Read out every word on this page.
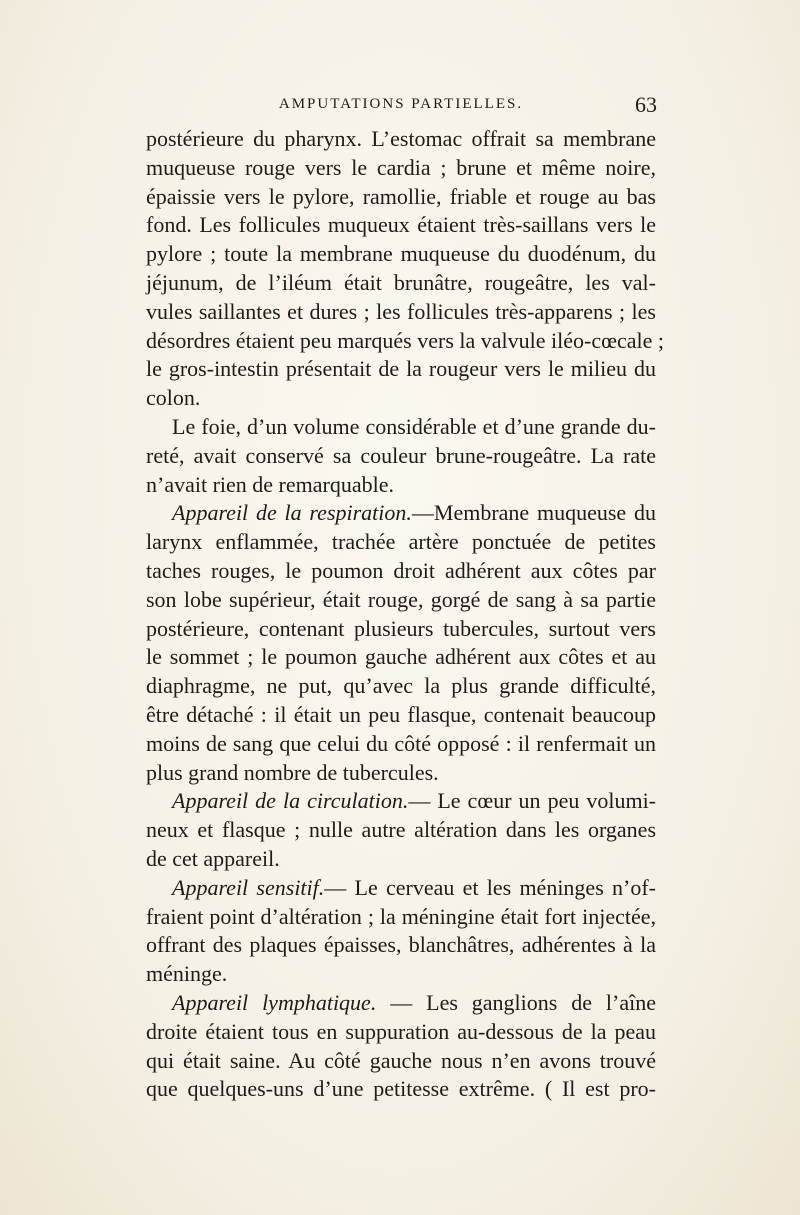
AMPUTATIONS PARTIELLES.	63
postérieure du pharynx. L’estomac offrait sa membrane
muqueuse rouge vers le cardia ; brune et même noire,
épaissie vers le pylore, ramollie, friable et rouge au bas
fond. Les follicules muqueux étaient très-saillans vers le
pylore ; toute la membrane muqueuse du duodénum, du
jéjunum, de l’iléum était brunâtre, rougeâtre, les val-
vules saillantes et dures ; les follicules très-apparens ; les
désordres étaient peu marqués vers la valvule iléo-cœcale ;
le gros-intestin présentait de la rougeur vers le milieu du
colon.
Le foie, d’un volume considérable et d’une grande du-
reté, avait conservé sa couleur brune-rougeâtre. La rate
n’avait rien de remarquable.
Appareil de la respiration.—Membrane muqueuse du
larynx enflammée, trachée artère ponctuée de petites
taches rouges, le poumon droit adhérent aux côtes par
son lobe supérieur, était rouge, gorgé de sang à sa partie
postérieure, contenant plusieurs tubercules, surtout vers
le sommet ; le poumon gauche adhérent aux côtes et au
diaphragme, ne put, qu’avec la plus grande difficulté,
être détaché : il était un peu flasque, contenait beaucoup
moins de sang que celui du côté opposé : il renfermait un
plus grand nombre de tubercules.
Appareil de la circulation.— Le cœur un peu volumi-
neux et flasque ; nulle autre altération dans les organes
de cet appareil.
Appareil sensitif.— Le cerveau et les méninges n’of-
fraient point d’altération ; la méningine était fort injectée,
offrant des plaques épaisses, blanchâtres, adhérentes à la
méninge.
Appareil lymphatique. — Les ganglions de l’aîne
droite étaient tous en suppuration au-dessous de la peau
qui était saine. Au côté gauche nous n’en avons trouvé
que quelques-uns d’une petitesse extrême. ( Il est pro-
